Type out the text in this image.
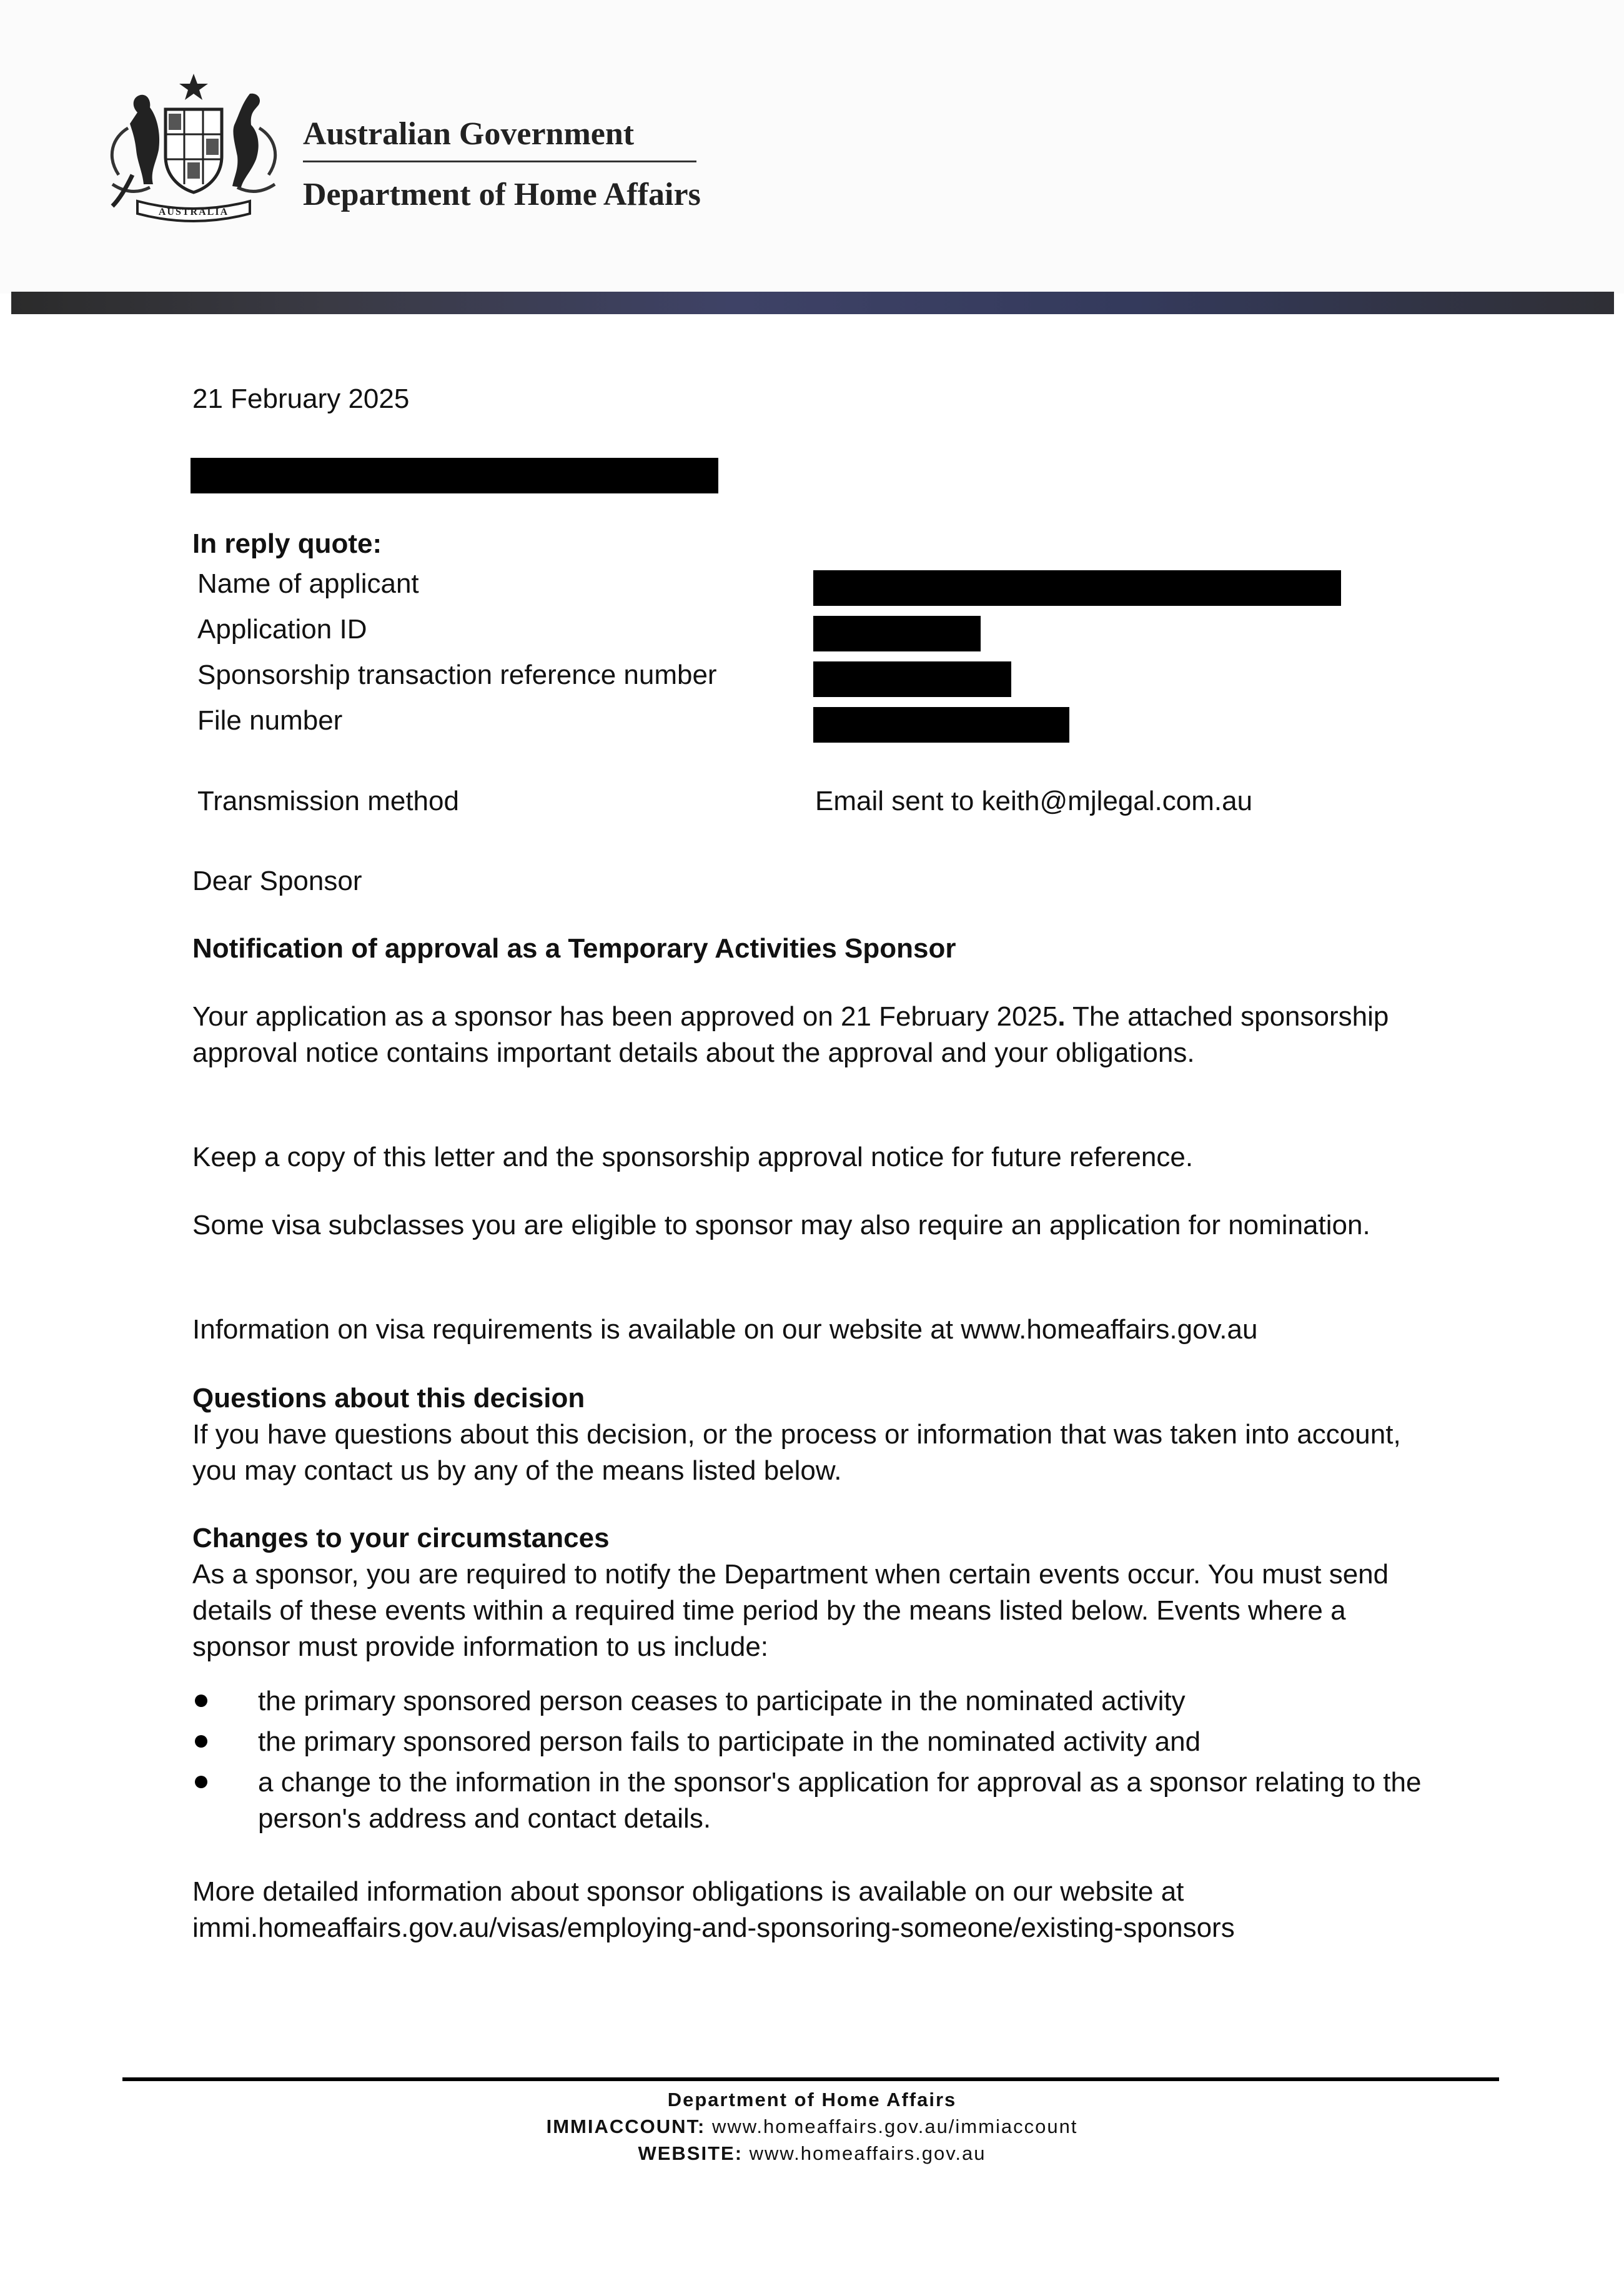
AUSTRALIA
Australian Government
Department of Home Affairs
21 February 2025
In reply quote:
Name of applicant
Application ID
Sponsorship transaction reference number
File number
Transmission method	Email sent to keith@mjlegal.com.au
Dear Sponsor
Notification of approval as a Temporary Activities Sponsor
Your application as a sponsor has been approved on 21 February 2025. The attached sponsorship approval notice contains important details about the approval and your obligations.
Keep a copy of this letter and the sponsorship approval notice for future reference.
Some visa subclasses you are eligible to sponsor may also require an application for nomination.
Information on visa requirements is available on our website at www.homeaffairs.gov.au
Questions about this decision
If you have questions about this decision, or the process or information that was taken into account, you may contact us by any of the means listed below.
Changes to your circumstances
As a sponsor, you are required to notify the Department when certain events occur. You must send details of these events within a required time period by the means listed below. Events where a sponsor must provide information to us include:
the primary sponsored person ceases to participate in the nominated activity
the primary sponsored person fails to participate in the nominated activity and
a change to the information in the sponsor's application for approval as a sponsor relating to the person's address and contact details.
More detailed information about sponsor obligations is available on our website at immi.homeaffairs.gov.au/visas/employing-and-sponsoring-someone/existing-sponsors
Department of Home Affairs
IMMIACCOUNT: www.homeaffairs.gov.au/immiaccount
WEBSITE: www.homeaffairs.gov.au
